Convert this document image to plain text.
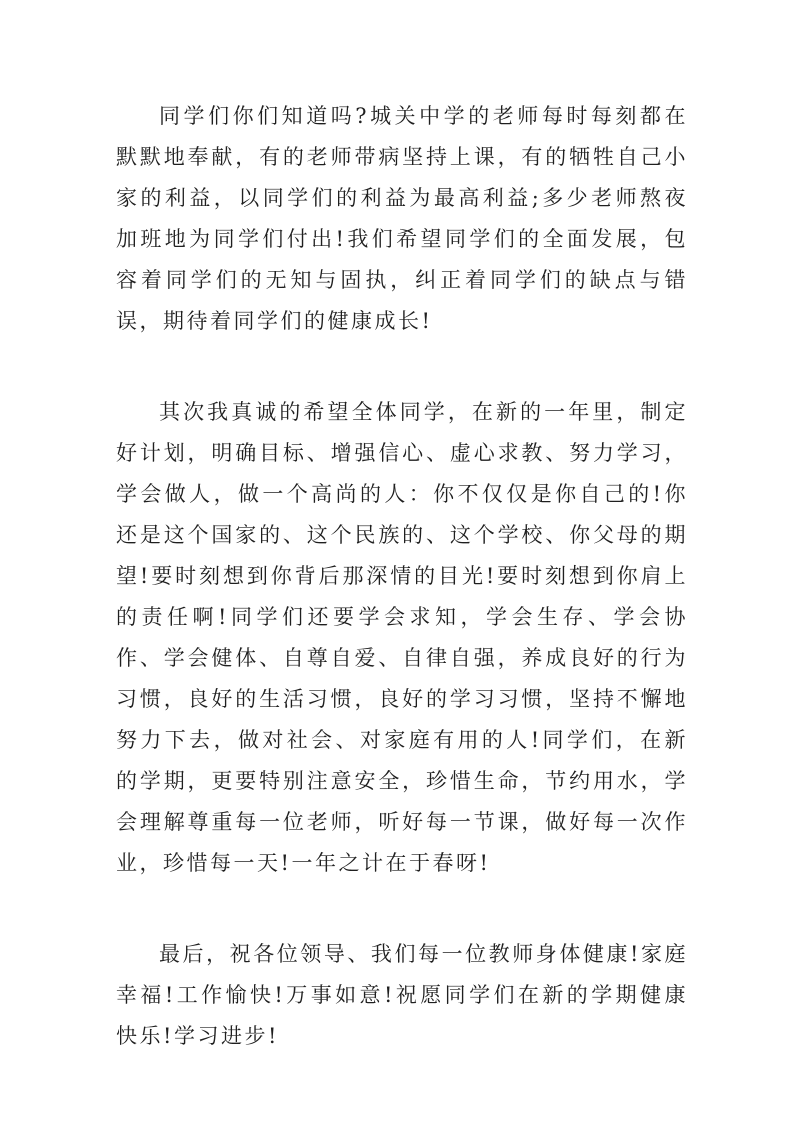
同学们你们知道吗?城关中学的老师每时每刻都在默默地奉献，有的老师带病坚持上课，有的牺牲自己小家的利益，以同学们的利益为最高利益;多少老师熬夜加班地为同学们付出!我们希望同学们的全面发展，包容着同学们的无知与固执，纠正着同学们的缺点与错误，期待着同学们的健康成长!

其次我真诚的希望全体同学，在新的一年里，制定好计划，明确目标、增强信心、虚心求教、努力学习，学会做人，做一个高尚的人：你不仅仅是你自己的!你还是这个国家的、这个民族的、这个学校、你父母的期望!要时刻想到你背后那深情的目光!要时刻想到你肩上的责任啊!同学们还要学会求知，学会生存、学会协作、学会健体、自尊自爱、自律自强，养成良好的行为习惯，良好的生活习惯，良好的学习习惯，坚持不懈地努力下去，做对社会、对家庭有用的人!同学们，在新的学期，更要特别注意安全，珍惜生命，节约用水，学会理解尊重每一位老师，听好每一节课，做好每一次作业，珍惜每一天!一年之计在于春呀!

最后，祝各位领导、我们每一位教师身体健康!家庭幸福!工作愉快!万事如意!祝愿同学们在新的学期健康快乐!学习进步!
